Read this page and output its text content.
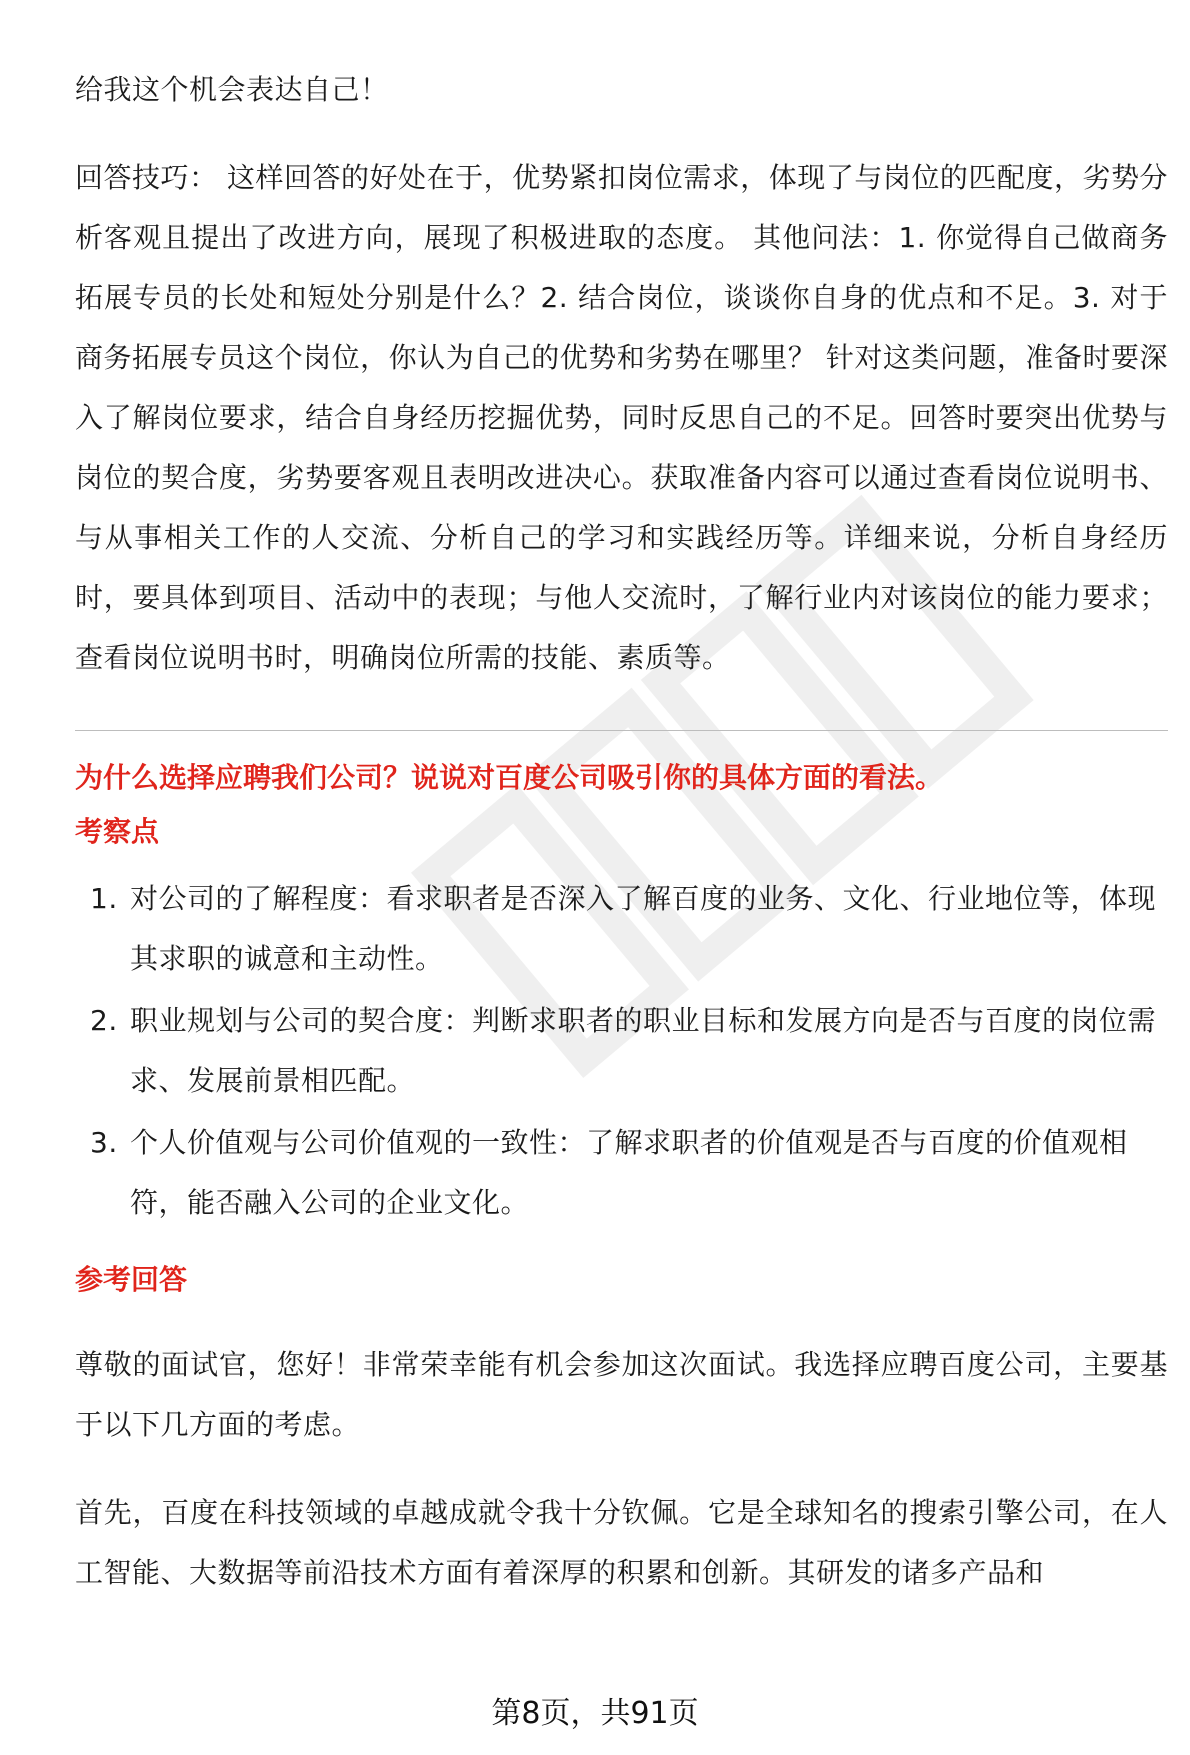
给我这个机会表达自己！

回答技巧： 这样回答的好处在于，优势紧扣岗位需求，体现了与岗位的匹配度，劣势分析客观且提出了改进方向，展现了积极进取的态度。 其他问法：1. 你觉得自己做商务拓展专员的长处和短处分别是什么？2. 结合岗位，谈谈你自身的优点和不足。3. 对于商务拓展专员这个岗位，你认为自己的优势和劣势在哪里？ 针对这类问题，准备时要深入了解岗位要求，结合自身经历挖掘优势，同时反思自己的不足。回答时要突出优势与岗位的契合度，劣势要客观且表明改进决心。获取准备内容可以通过查看岗位说明书、与从事相关工作的人交流、分析自己的学习和实践经历等。详细来说，分析自身经历时，要具体到项目、活动中的表现；与他人交流时，了解行业内对该岗位的能力要求；查看岗位说明书时，明确岗位所需的技能、素质等。

为什么选择应聘我们公司？说说对百度公司吸引你的具体方面的看法。

考察点

1. 对公司的了解程度：看求职者是否深入了解百度的业务、文化、行业地位等，体现其求职的诚意和主动性。
2. 职业规划与公司的契合度：判断求职者的职业目标和发展方向是否与百度的岗位需求、发展前景相匹配。
3. 个人价值观与公司价值观的一致性：了解求职者的价值观是否与百度的价值观相符，能否融入公司的企业文化。

参考回答

尊敬的面试官，您好！非常荣幸能有机会参加这次面试。我选择应聘百度公司，主要基于以下几方面的考虑。

首先，百度在科技领域的卓越成就令我十分钦佩。它是全球知名的搜索引擎公司，在人工智能、大数据等前沿技术方面有着深厚的积累和创新。其研发的诸多产品和

第8页，共91页
